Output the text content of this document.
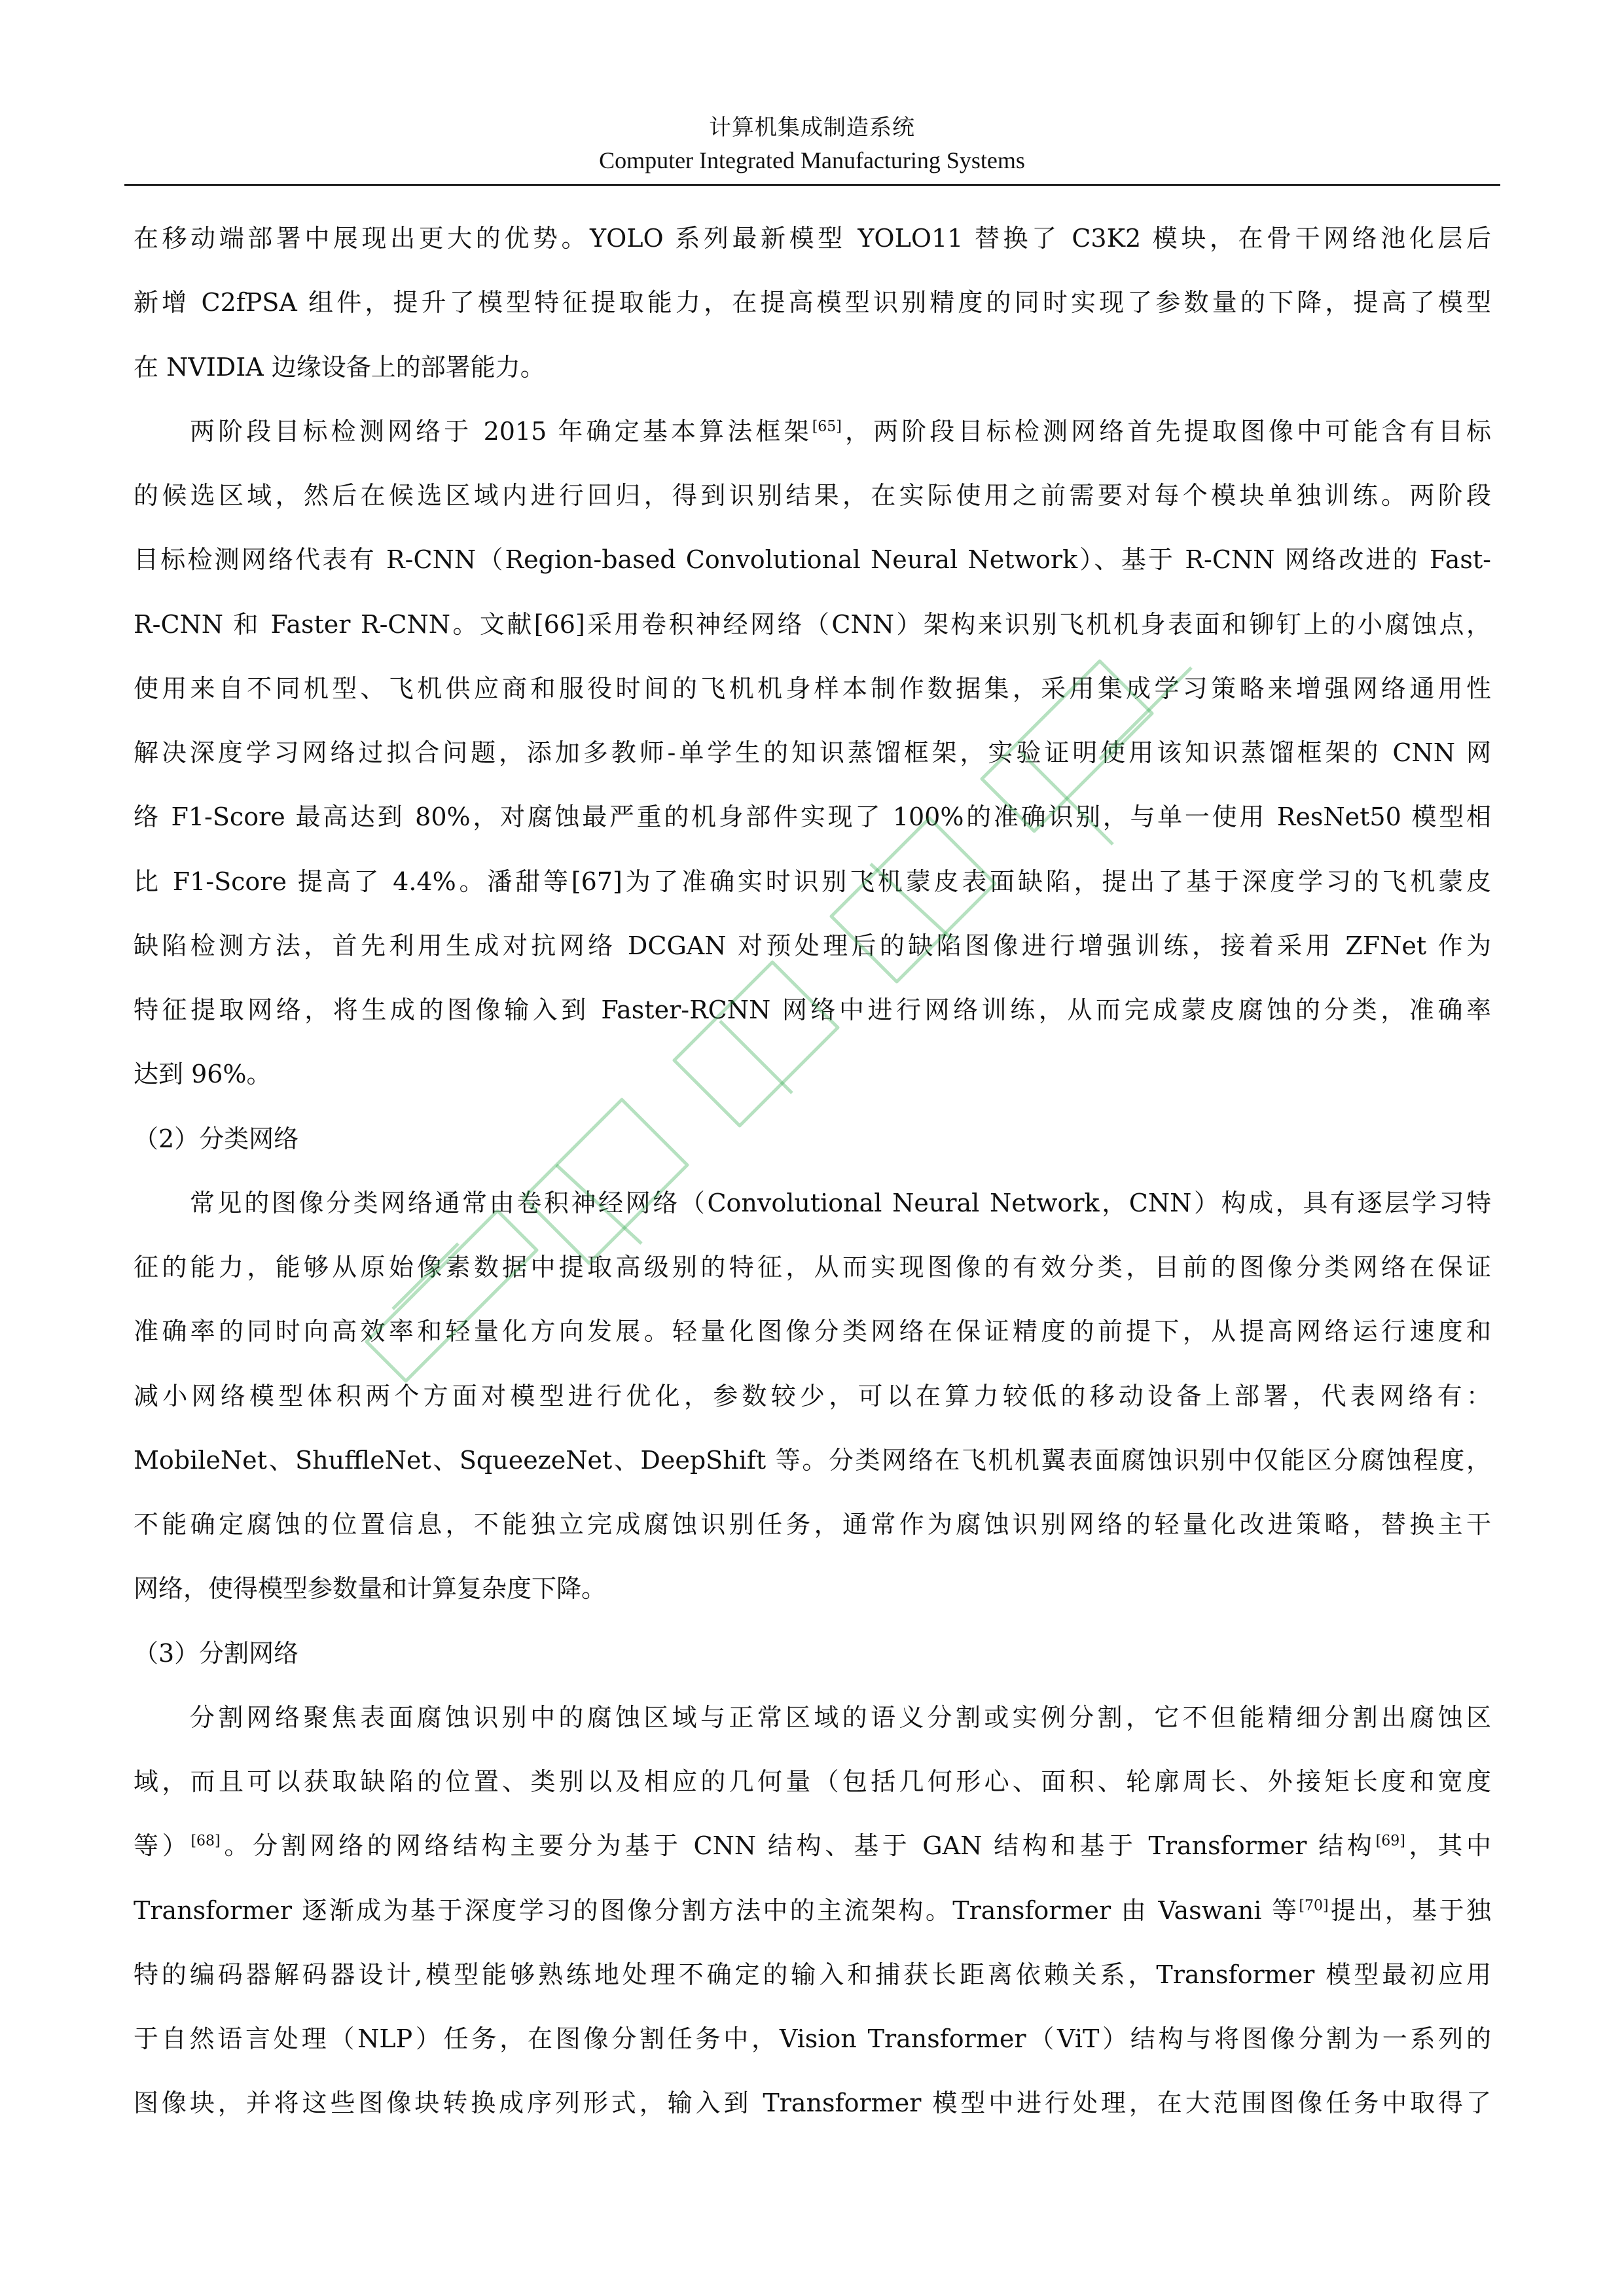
计算机集成制造系统
Computer Integrated Manufacturing Systems
在移动端部署中展现出更大的优势。YOLO 系列最新模型 YOLO11 替换了 C3K2 模块，在骨干网络池化层后
新增 C2fPSA 组件，提升了模型特征提取能力，在提高模型识别精度的同时实现了参数量的下降，提高了模型
在 NVIDIA 边缘设备上的部署能力。
两阶段目标检测网络于 2015 年确定基本算法框架[65]，两阶段目标检测网络首先提取图像中可能含有目标
的候选区域，然后在候选区域内进行回归，得到识别结果，在实际使用之前需要对每个模块单独训练。两阶段
目标检测网络代表有 R-CNN（Region-based Convolutional Neural Network）、基于 R-CNN 网络改进的 Fast-
R-CNN 和 Faster R-CNN。文献[66]采用卷积神经网络（CNN）架构来识别飞机机身表面和铆钉上的小腐蚀点，
使用来自不同机型、飞机供应商和服役时间的飞机机身样本制作数据集，采用集成学习策略来增强网络通用性
解决深度学习网络过拟合问题，添加多教师-单学生的知识蒸馏框架，实验证明使用该知识蒸馏框架的 CNN 网
络 F1-Score 最高达到 80%，对腐蚀最严重的机身部件实现了 100%的准确识别，与单一使用 ResNet50 模型相
比 F1-Score 提高了 4.4%。潘甜等[67]为了准确实时识别飞机蒙皮表面缺陷，提出了基于深度学习的飞机蒙皮
缺陷检测方法，首先利用生成对抗网络 DCGAN 对预处理后的缺陷图像进行增强训练，接着采用 ZFNet 作为
特征提取网络，将生成的图像输入到 Faster-RCNN 网络中进行网络训练，从而完成蒙皮腐蚀的分类，准确率
达到 96%。
（2）分类网络
常见的图像分类网络通常由卷积神经网络（Convolutional Neural Network，CNN）构成，具有逐层学习特
征的能力，能够从原始像素数据中提取高级别的特征，从而实现图像的有效分类，目前的图像分类网络在保证
准确率的同时向高效率和轻量化方向发展。轻量化图像分类网络在保证精度的前提下，从提高网络运行速度和
减小网络模型体积两个方面对模型进行优化，参数较少，可以在算力较低的移动设备上部署，代表网络有：
MobileNet、ShuffleNet、SqueezeNet、DeepShift 等。分类网络在飞机机翼表面腐蚀识别中仅能区分腐蚀程度，
不能确定腐蚀的位置信息，不能独立完成腐蚀识别任务，通常作为腐蚀识别网络的轻量化改进策略，替换主干
网络，使得模型参数量和计算复杂度下降。
（3）分割网络
分割网络聚焦表面腐蚀识别中的腐蚀区域与正常区域的语义分割或实例分割，它不但能精细分割出腐蚀区
域，而且可以获取缺陷的位置、类别以及相应的几何量（包括几何形心、面积、轮廓周长、外接矩长度和宽度
等）[68]。分割网络的网络结构主要分为基于 CNN 结构、基于 GAN 结构和基于 Transformer 结构[69]，其中
Transformer 逐渐成为基于深度学习的图像分割方法中的主流架构。Transformer 由 Vaswani 等[70]提出，基于独
特的编码器解码器设计,模型能够熟练地处理不确定的输入和捕获长距离依赖关系，Transformer 模型最初应用
于自然语言处理（NLP）任务，在图像分割任务中，Vision Transformer（ViT）结构与将图像分割为一系列的
图像块，并将这些图像块转换成序列形式，输入到 Transformer 模型中进行处理，在大范围图像任务中取得了
